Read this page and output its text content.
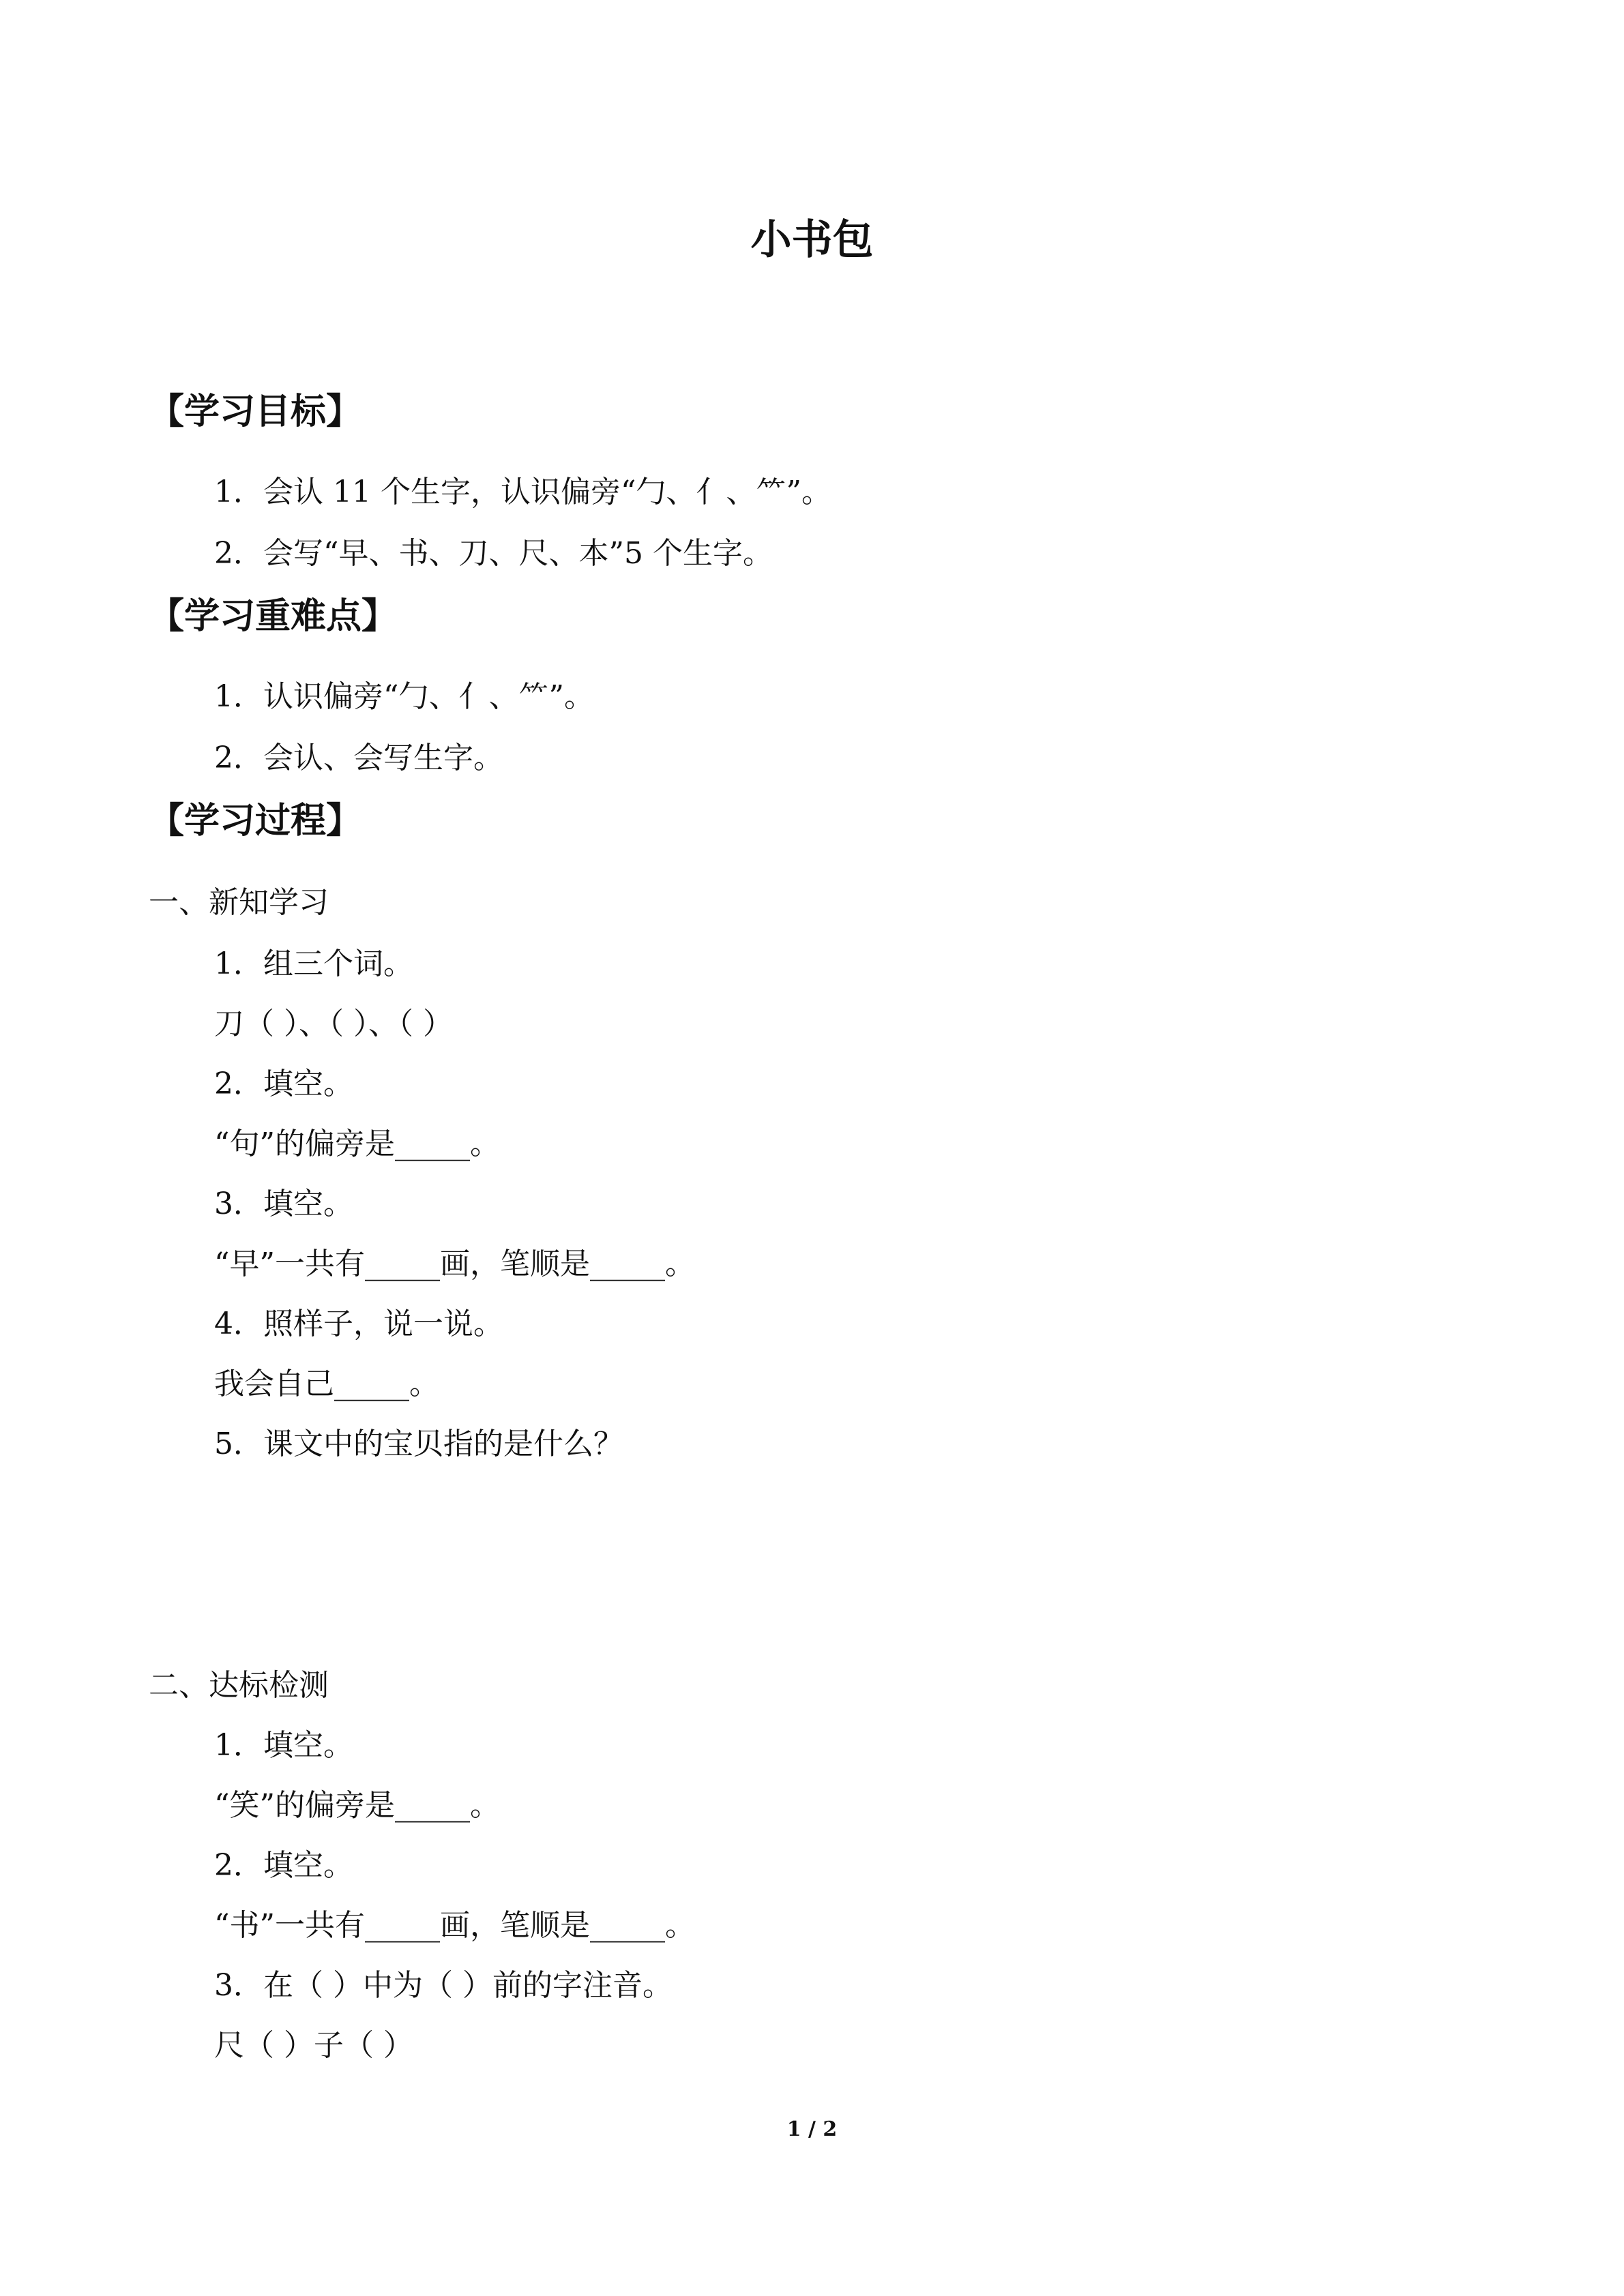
小书包
【学习目标】
1．会认 11 个生字，认识偏旁“勹、亻、⺮”。
2．会写“早、书、刀、尺、本”5 个生字。
【学习重难点】
1．认识偏旁“勹、亻、⺮”。
2．会认、会写生字。
【学习过程】
一、新知学习
1．组三个词。
刀（ ）、（ ）、（ ）
2．填空。
“句”的偏旁是_____。
3．填空。
“早”一共有_____画，笔顺是_____。
4．照样子，说一说。
我会自己_____。
5．课文中的宝贝指的是什么？
二、达标检测
1．填空。
“笑”的偏旁是_____。
2．填空。
“书”一共有_____画，笔顺是_____。
3．在（ ）中为（ ）前的字注音。
尺（ ）子（ ）
1 / 2
